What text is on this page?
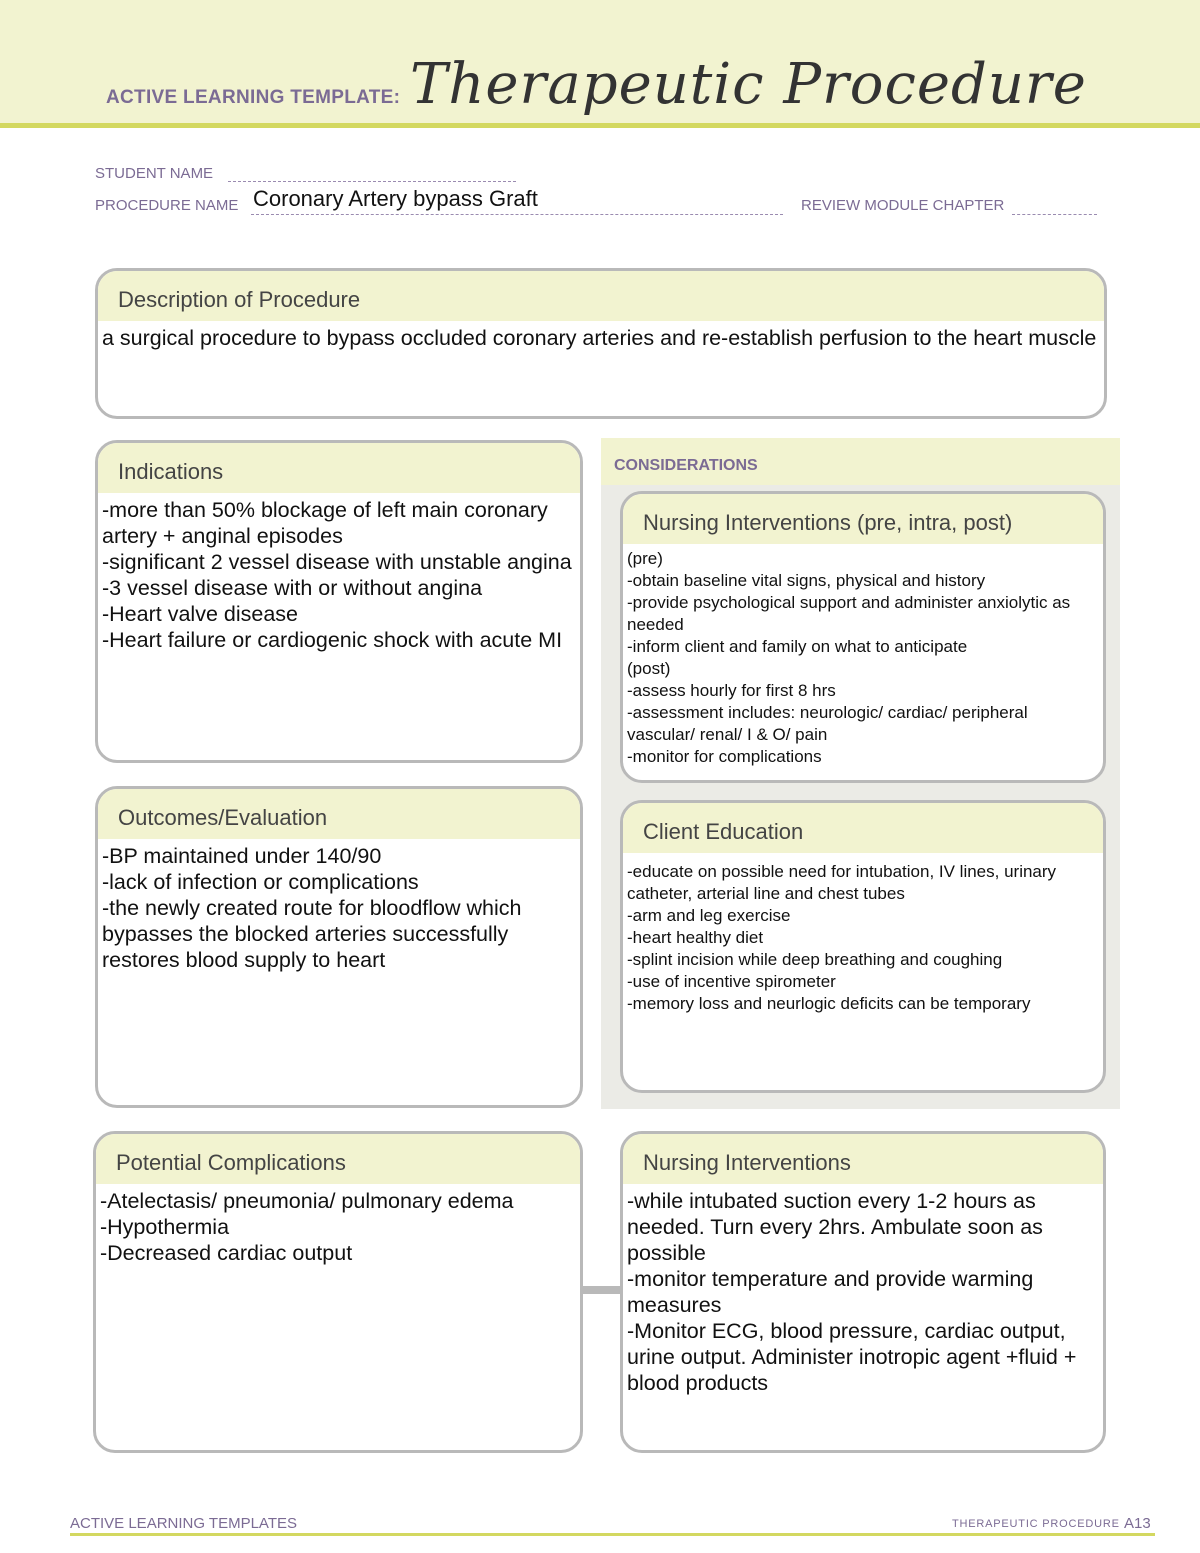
ACTIVE LEARNING TEMPLATE: Therapeutic Procedure
STUDENT NAME
PROCEDURE NAME Coronary Artery bypass Graft	REVIEW MODULE CHAPTER
Description of Procedure
a surgical procedure to bypass occluded coronary arteries and re-establish perfusion to the heart muscle
Indications
-more than 50% blockage of left main coronary artery + anginal episodes
-significant 2 vessel disease with unstable angina
-3 vessel disease with or without angina
-Heart valve disease
-Heart failure or cardiogenic shock with acute MI
Outcomes/Evaluation
-BP maintained under 140/90
-lack of infection or complications
-the newly created route for bloodflow which bypasses the blocked arteries successfully restores blood supply to heart
CONSIDERATIONS
Nursing Interventions (pre, intra, post)
(pre)
-obtain baseline vital signs, physical and history
-provide psychological support and administer anxiolytic as needed
-inform client and family on what to anticipate
(post)
-assess hourly for first 8 hrs
-assessment includes: neurologic/ cardiac/ peripheral vascular/ renal/ I & O/ pain
-monitor for complications
Client Education
-educate on possible need for intubation, IV lines, urinary catheter, arterial line and chest tubes
-arm and leg exercise
-heart healthy diet
-splint incision while deep breathing and coughing
-use of incentive spirometer
-memory loss and neurlogic deficits can be temporary
Potential Complications
-Atelectasis/ pneumonia/ pulmonary edema
-Hypothermia
-Decreased cardiac output
Nursing Interventions
-while intubated suction every 1-2 hours as needed. Turn every 2hrs. Ambulate soon as possible
-monitor temperature and provide warming measures
-Monitor ECG, blood pressure, cardiac output, urine output. Administer inotropic agent +fluid + blood products
ACTIVE LEARNING TEMPLATES	THERAPEUTIC PROCEDURE A13
